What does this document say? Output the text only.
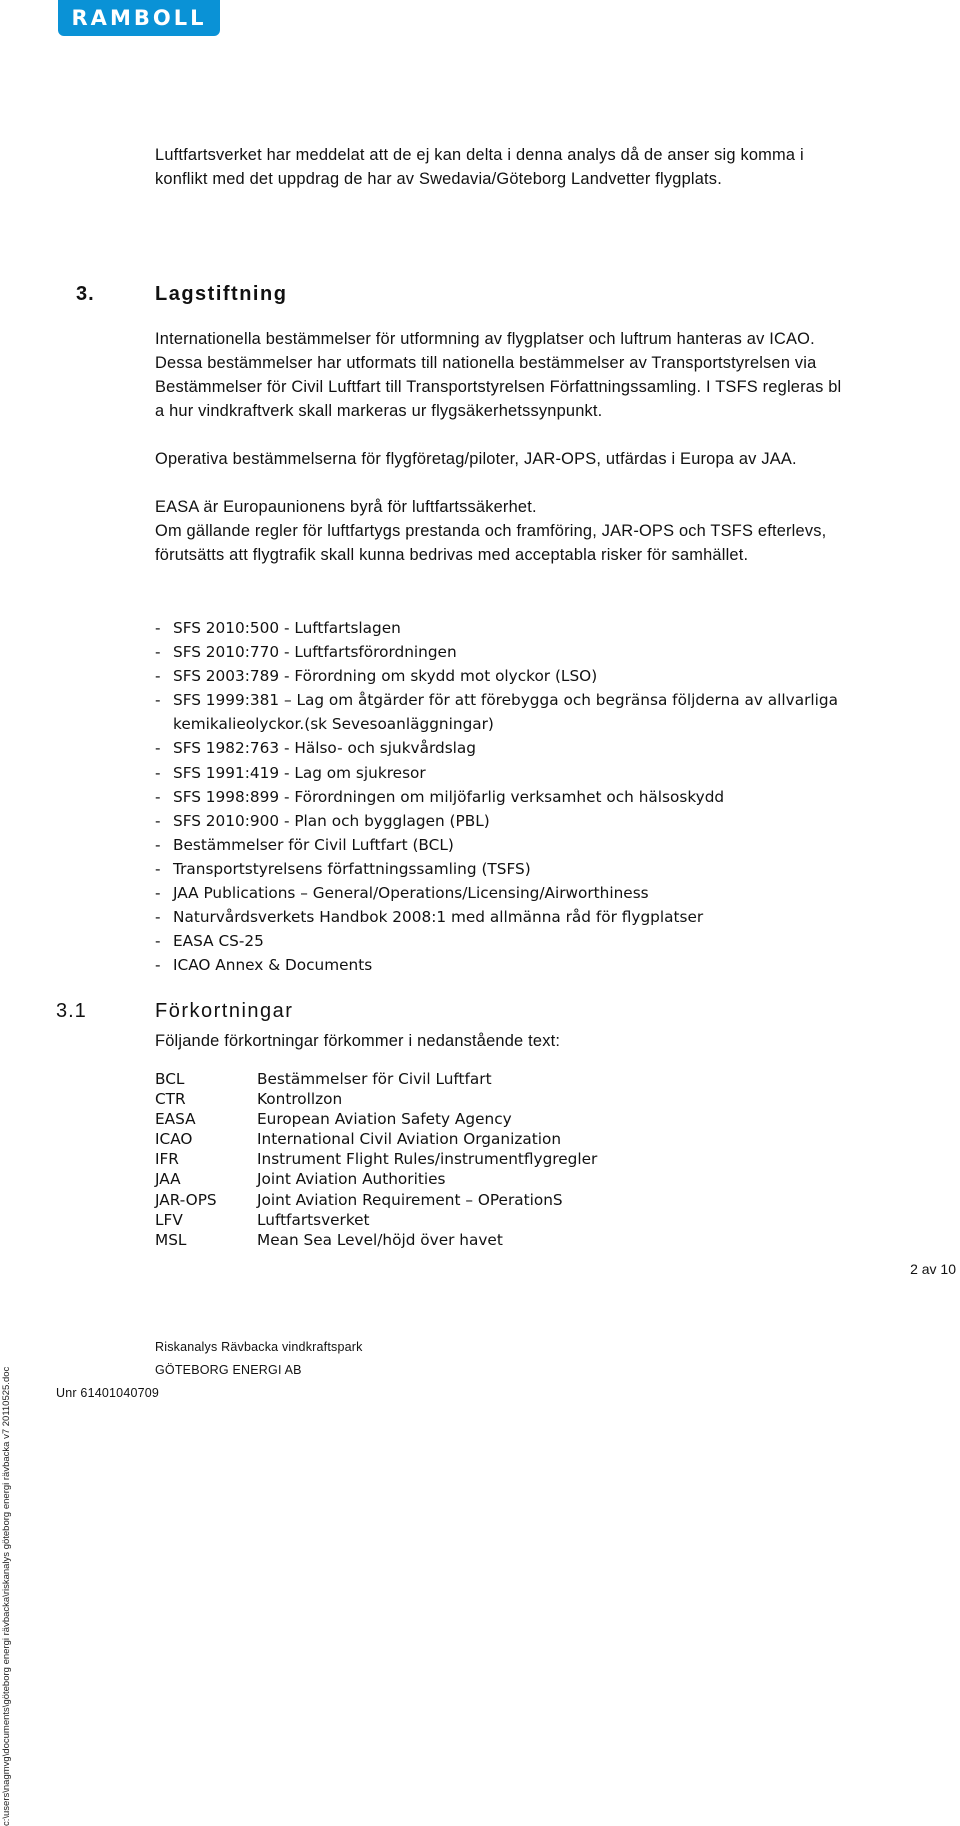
RAMBOLL
c:\users\nagmvg\documents\göteborg energi rävbacka\riskanalys göteborg energi rävbacka v7 20110525.doc

Luftfartsverket har meddelat att de ej kan delta i denna analys då de anser sig komma i konflikt med det uppdrag de har av Swedavia/Göteborg Landvetter flygplats.

3.	Lagstiftning

Internationella bestämmelser för utformning av flygplatser och luftrum hanteras av ICAO. Dessa bestämmelser har utformats till nationella bestämmelser av Transportstyrelsen via Bestämmelser för Civil Luftfart till Transportstyrelsen Författningssamling. I TSFS regleras bl a hur vindkraftverk skall markeras ur flygsäkerhetssynpunkt.

Operativa bestämmelserna för flygföretag/piloter, JAR-OPS, utfärdas i Europa av JAA.

EASA är Europaunionens byrå för luftfartssäkerhet.

Om gällande regler för luftfartygs prestanda och framföring, JAR-OPS och TSFS efterlevs, förutsätts att flygtrafik skall kunna bedrivas med acceptabla risker för samhället.

- SFS 2010:500 - Luftfartslagen
- SFS 2010:770 - Luftfartsförordningen
- SFS 2003:789 - Förordning om skydd mot olyckor (LSO)
- SFS 1999:381 – Lag om åtgärder för att förebygga och begränsa följderna av allvarliga kemikalieolyckor.(sk Sevesoanläggningar)
- SFS 1982:763 - Hälso- och sjukvårdslag
- SFS 1991:419 - Lag om sjukresor
- SFS 1998:899 - Förordningen om miljöfarlig verksamhet och hälsoskydd
- SFS 2010:900 - Plan och bygglagen (PBL)
- Bestämmelser för Civil Luftfart (BCL)
- Transportstyrelsens författningssamling (TSFS)
- JAA Publications – General/Operations/Licensing/Airworthiness
- Naturvårdsverkets Handbok 2008:1 med allmänna råd för flygplatser
- EASA CS-25
- ICAO Annex & Documents
3.1	Förkortningar

Följande förkortningar förkommer i nedanstående text:

BCL	Bestämmelser för Civil Luftfart
CTR	Kontrollzon
EASA	European Aviation Safety Agency
ICAO	International Civil Aviation Organization
IFR	Instrument Flight Rules/instrumentflygregler
JAA	Joint Aviation Authorities
JAR-OPS	Joint Aviation Requirement – OPerationS
LFV	Luftfartsverket
MSL	Mean Sea Level/höjd över havet
2 av 10
Riskanalys Rävbacka vindkraftspark
GÖTEBORG ENERGI AB
Unr 61401040709
